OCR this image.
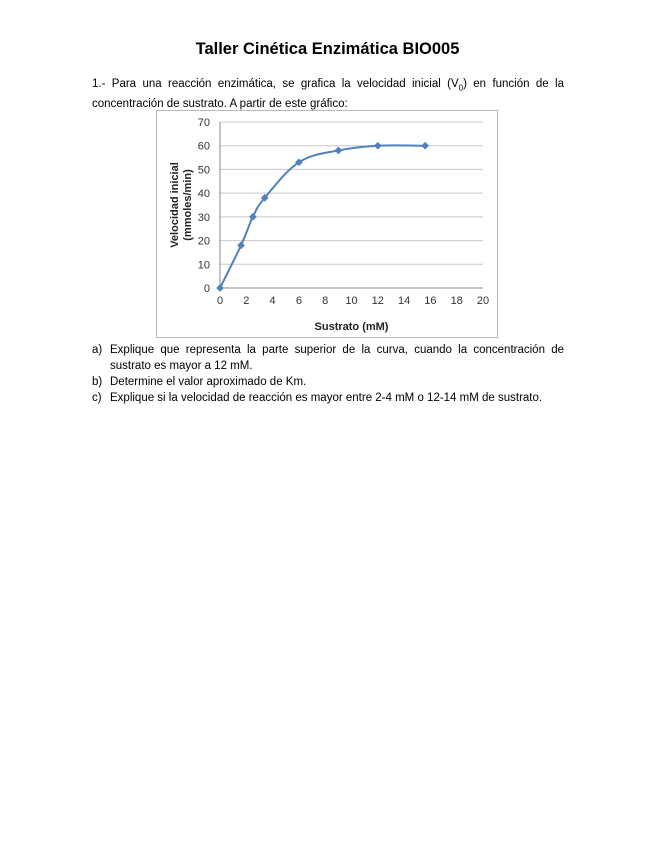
Taller Cinética Enzimática BIO005
1.- Para una reacción enzimática, se grafica la velocidad inicial $(V_0)$ en función de la concentración de sustrato. A partir de este gráfico:
0
10
20
30
40
50
60
70
0 2 4 6 8 10 12 14 16 18 20
Sustrato (mM)
Velocidad inicial (mmoles/min)
a) Explique que representa la parte superior de la curva, cuando la concentración de sustrato es mayor a 12 mM.
b) Determine el valor aproximado de Km.
c) Explique si la velocidad de reacción es mayor entre 2-4 mM o 12-14 mM de sustrato.
